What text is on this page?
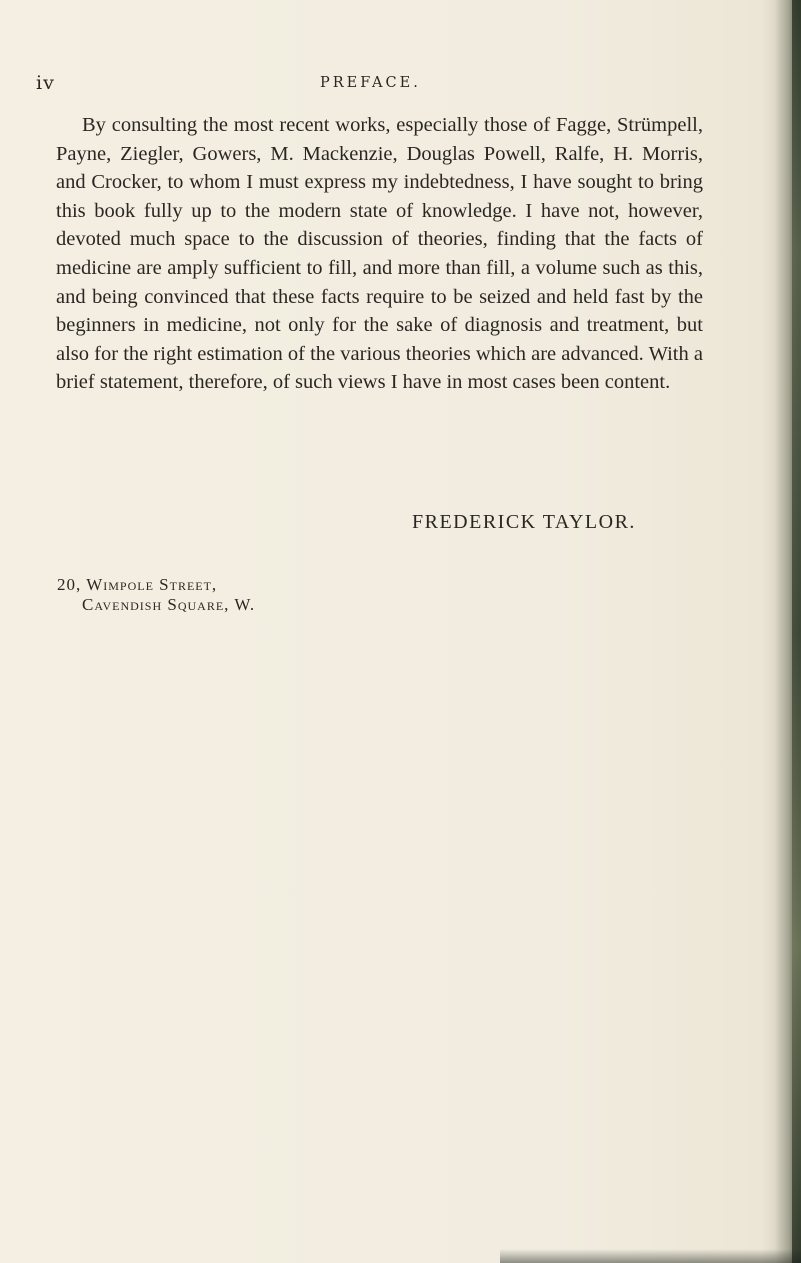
iv	PREFACE.

By consulting the most recent works, especially those of Fagge, Strümpell, Payne, Ziegler, Gowers, M. Mackenzie, Douglas Powell, Ralfe, H. Morris, and Crocker, to whom I must express my indebtedness, I have sought to bring this book fully up to the modern state of knowledge. I have not, however, devoted much space to the discussion of theories, finding that the facts of medicine are amply sufficient to fill, and more than fill, a volume such as this, and being convinced that these facts require to be seized and held fast by the beginners in medicine, not only for the sake of diagnosis and treatment, but also for the right estimation of the various theories which are advanced. With a brief statement, therefore, of such views I have in most cases been content.

FREDERICK TAYLOR.
20, Wimpole Street,
Cavendish Square, W.
